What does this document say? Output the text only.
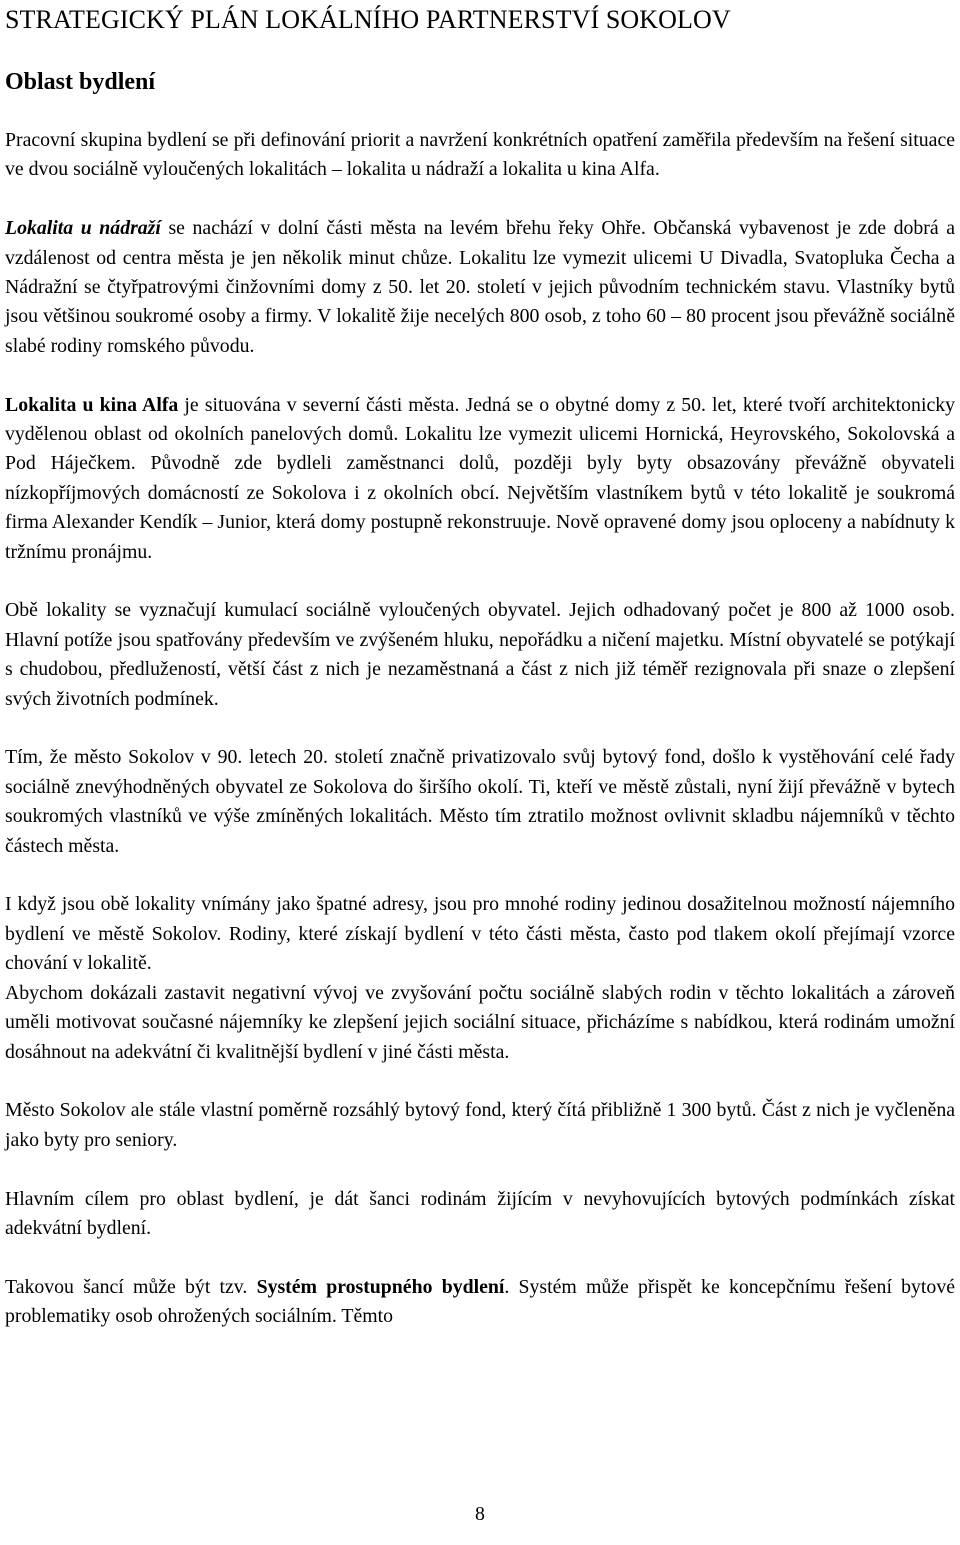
STRATEGICKÝ PLÁN LOKÁLNÍHO PARTNERSTVÍ SOKOLOV
Oblast bydlení

Pracovní skupina bydlení se při definování priorit a navržení konkrétních opatření zaměřila především na řešení situace ve dvou sociálně vyloučených lokalitách – lokalita u nádraží a lokalita u kina Alfa.

Lokalita u nádraží se nachází v dolní části města na levém břehu řeky Ohře. Občanská vybavenost je zde dobrá a vzdálenost od centra města je jen několik minut chůze. Lokalitu lze vymezit ulicemi U Divadla, Svatopluka Čecha a Nádražní se čtyřpatrovými činžovními domy z 50. let 20. století v jejich původním technickém stavu. Vlastníky bytů jsou většinou soukromé osoby a firmy. V lokalitě žije necelých 800 osob, z toho 60 – 80 procent jsou převážně sociálně slabé rodiny romského původu.

Lokalita u kina Alfa je situována v severní části města. Jedná se o obytné domy z 50. let, které tvoří architektonicky vydělenou oblast od okolních panelových domů. Lokalitu lze vymezit ulicemi Hornická, Heyrovského, Sokolovská a Pod Háječkem. Původně zde bydleli zaměstnanci dolů, později byly byty obsazovány převážně obyvateli nízkopříjmových domácností ze Sokolova i z okolních obcí. Největším vlastníkem bytů v této lokalitě je soukromá firma Alexander Kendík – Junior, která domy postupně rekonstruuje. Nově opravené domy jsou oploceny a nabídnuty k tržnímu pronájmu.

Obě lokality se vyznačují kumulací sociálně vyloučených obyvatel. Jejich odhadovaný počet je 800 až 1000 osob. Hlavní potíže jsou spatřovány především ve zvýšeném hluku, nepořádku a ničení majetku. Místní obyvatelé se potýkají s chudobou, předlužeností, větší část z nich je nezaměstnaná a část z nich již téměř rezignovala při snaze o zlepšení svých životních podmínek.

Tím, že město Sokolov v 90. letech 20. století značně privatizovalo svůj bytový fond, došlo k vystěhování celé řady sociálně znevýhodněných obyvatel ze Sokolova do širšího okolí. Ti, kteří ve městě zůstali, nyní žijí převážně v bytech soukromých vlastníků ve výše zmíněných lokalitách. Město tím ztratilo možnost ovlivnit skladbu nájemníků v těchto částech města.

I když jsou obě lokality vnímány jako špatné adresy, jsou pro mnohé rodiny jedinou dosažitelnou možností nájemního bydlení ve městě Sokolov. Rodiny, které získají bydlení v této části města, často pod tlakem okolí přejímají vzorce chování v lokalitě.

Abychom dokázali zastavit negativní vývoj ve zvyšování počtu sociálně slabých rodin v těchto lokalitách a zároveň uměli motivovat současné nájemníky ke zlepšení jejich sociální situace, přicházíme s nabídkou, která rodinám umožní dosáhnout na adekvátní či kvalitnější bydlení v jiné části města.

Město Sokolov ale stále vlastní poměrně rozsáhlý bytový fond, který čítá přibližně 1 300 bytů. Část z nich je vyčleněna jako byty pro seniory.

Hlavním cílem pro oblast bydlení, je dát šanci rodinám žijícím v nevyhovujících bytových podmínkách získat adekvátní bydlení.

Takovou šancí může být tzv. Systém prostupného bydlení. Systém může přispět ke koncepčnímu řešení bytové problematiky osob ohrožených sociálním. Těmto

8
